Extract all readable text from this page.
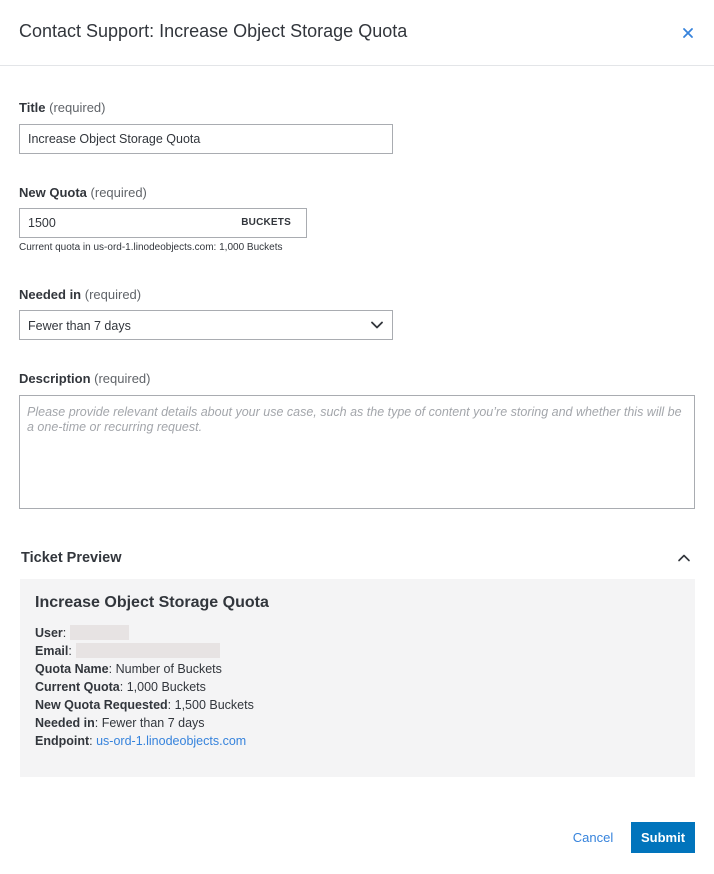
Contact Support: Increase Object Storage Quota
Title (required)
Increase Object Storage Quota
New Quota (required)
1500
BUCKETS
Current quota in us-ord-1.linodeobjects.com: 1,000 Buckets
Needed in (required)
Fewer than 7 days
Description (required)
Please provide relevant details about your use case, such as the type of content you’re storing and whether this will be a one-time or recurring request.
Ticket Preview
Increase Object Storage Quota
User:
Email:
Quota Name: Number of Buckets
Current Quota: 1,000 Buckets
New Quota Requested: 1,500 Buckets
Needed in: Fewer than 7 days
Endpoint: us-ord-1.linodeobjects.com
Cancel	Submit
